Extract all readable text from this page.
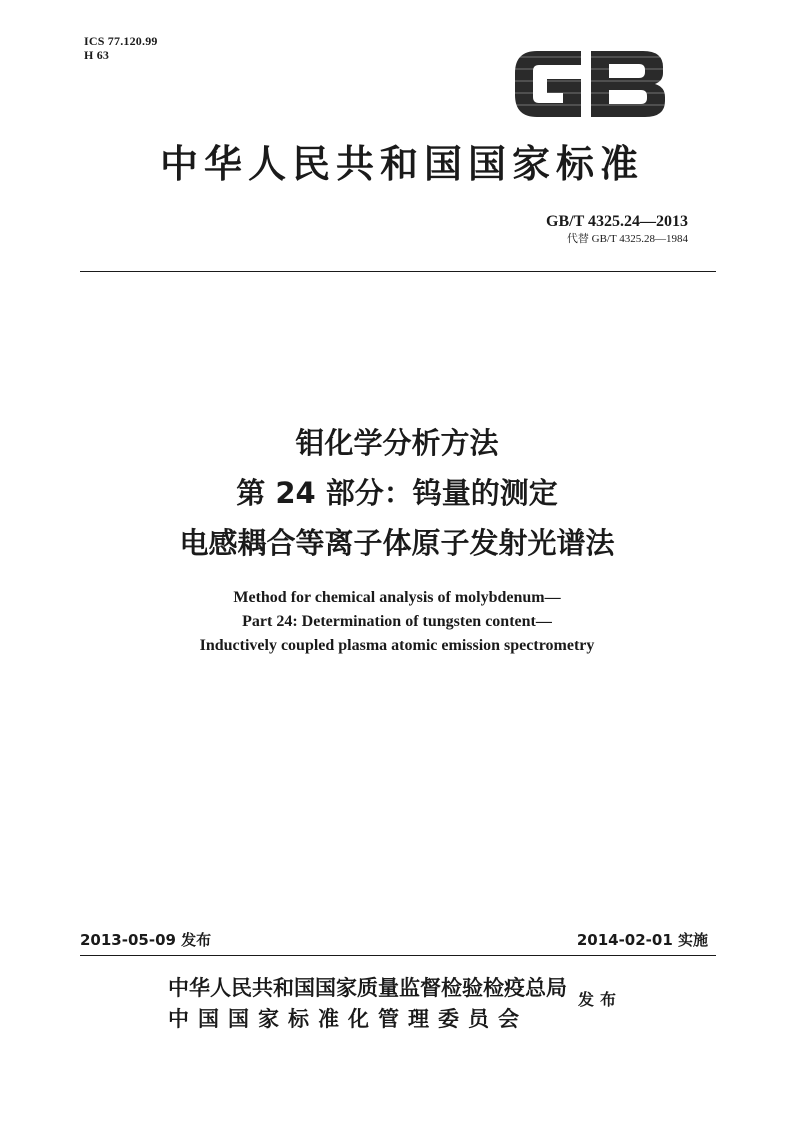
ICS 77.120.99
H 63
中华人民共和国国家标准
GB/T 4325.24—2013
代替 GB/T 4325.28—1984
钼化学分析方法
第 24 部分：钨量的测定
电感耦合等离子体原子发射光谱法
Method for chemical analysis of molybdenum—
Part 24: Determination of tungsten content—
Inductively coupled plasma atomic emission spectrometry
2013-05-09 发布	2014-02-01 实施
中华人民共和国国家质量监督检验检疫总局
中国国家标准化管理委员会
发布
